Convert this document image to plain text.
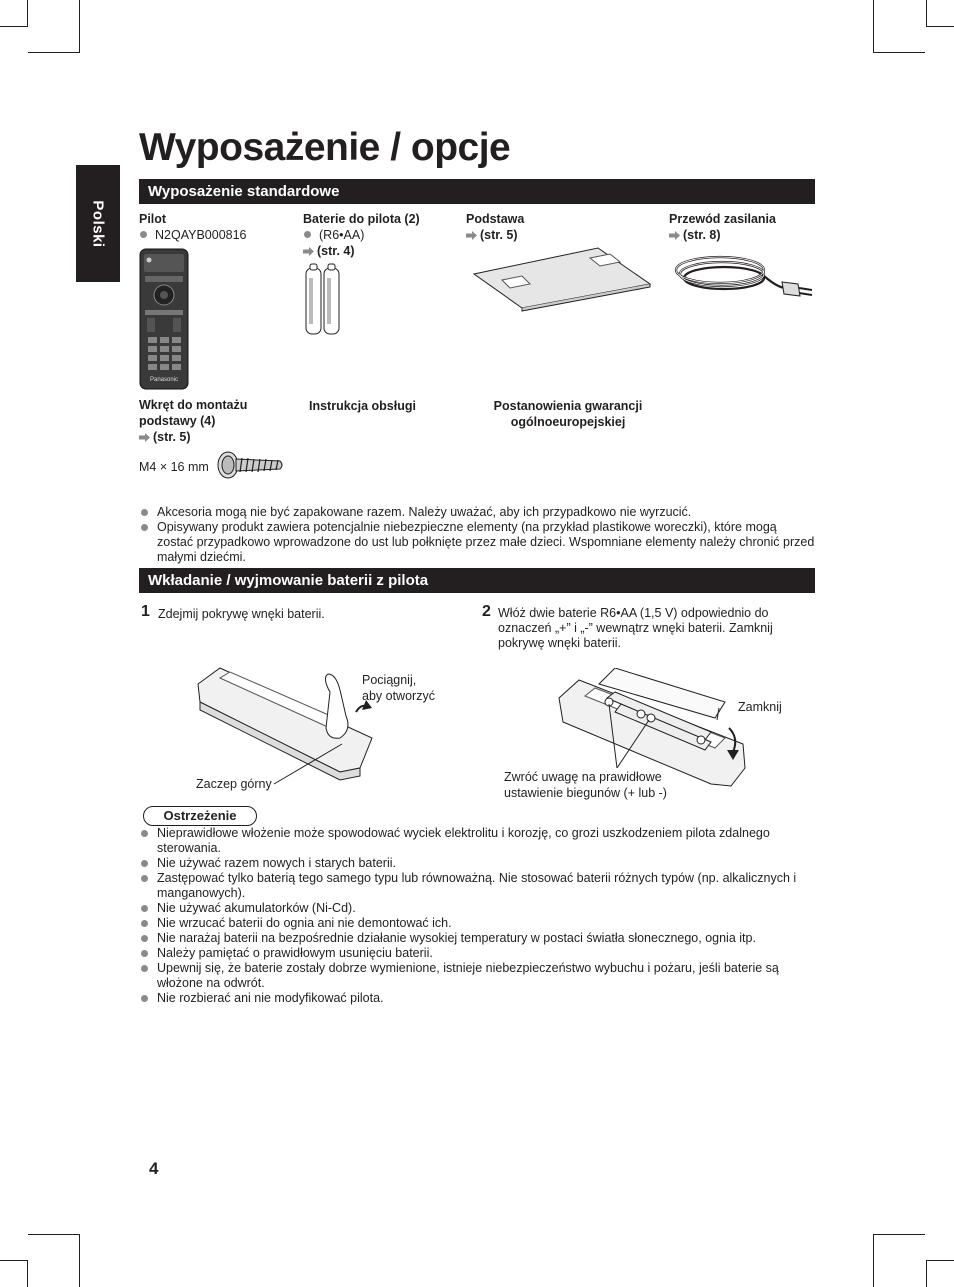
Polski
Wyposażenie / opcje
Wyposażenie standardowe
Pilot
N2QAYB000816
Panasonic
Baterie do pilota (2)
(R6•AA)
(str. 4)
Podstawa
(str. 5)
Przewód zasilania
(str. 8)
Wkręt do montażu
podstawy (4)
(str. 5)
M4 × 16 mm
Instrukcja obsługi	Postanowienia gwarancji
ogólnoeuropejskiej
Akcesoria mogą nie być zapakowane razem. Należy uważać, aby ich przypadkowo nie wyrzucić.
Opisywany produkt zawiera potencjalnie niebezpieczne elementy (na przykład plastikowe woreczki), które mogą zostać przypadkowo wprowadzone do ust lub połknięte przez małe dzieci. Wspomniane elementy należy chronić przed małymi dziećmi.
Wkładanie / wyjmowanie baterii z pilota
1 Zdejmij pokrywę wnęki baterii.	2 Włóż dwie baterie R6•AA (1,5 V) odpowiednio do oznaczeń „+” i „-” wewnątrz wnęki baterii. Zamknij pokrywę wnęki baterii.
Pociągnij,
aby otworzyć
Zaczep górny
Zamknij
Zwróć uwagę na prawidłowe
ustawienie biegunów (+ lub -)
Ostrzeżenie
Nieprawidłowe włożenie może spowodować wyciek elektrolitu i korozję, co grozi uszkodzeniem pilota zdalnego sterowania.
Nie używać razem nowych i starych baterii.
Zastępować tylko baterią tego samego typu lub równoważną. Nie stosować baterii różnych typów (np. alkalicznych i manganowych).
Nie używać akumulatorków (Ni-Cd).
Nie wrzucać baterii do ognia ani nie demontować ich.
Nie narażaj baterii na bezpośrednie działanie wysokiej temperatury w postaci światła słonecznego, ognia itp.
Należy pamiętać o prawidłowym usunięciu baterii.
Upewnij się, że baterie zostały dobrze wymienione, istnieje niebezpieczeństwo wybuchu i pożaru, jeśli baterie są włożone na odwrót.
Nie rozbierać ani nie modyfikować pilota.
4
